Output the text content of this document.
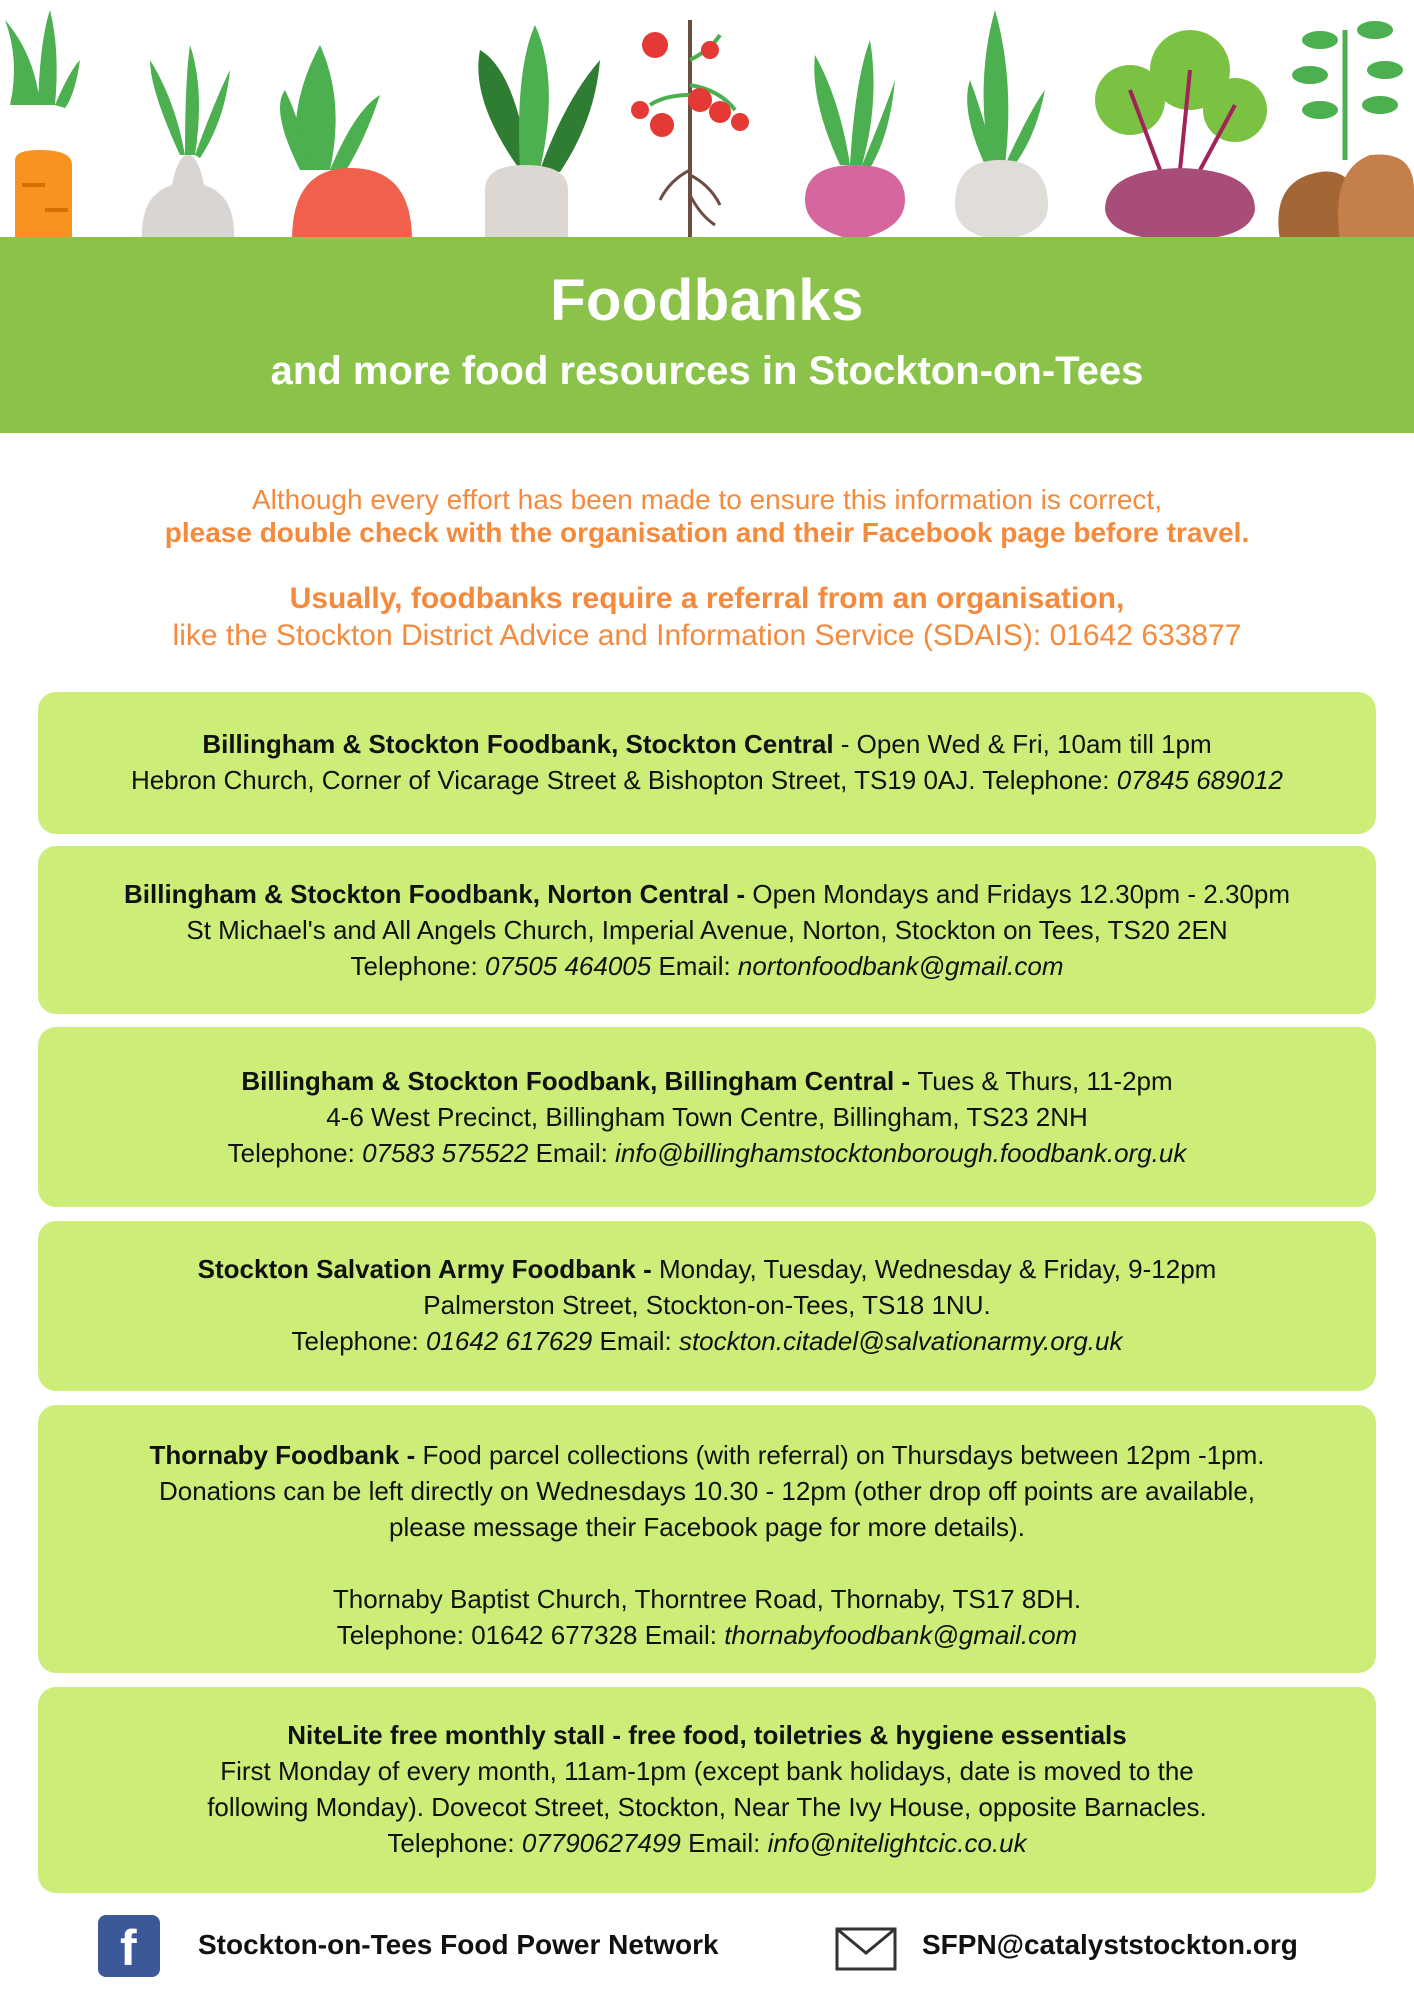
Foodbanks
and more food resources in Stockton-on-Tees
Although every effort has been made to ensure this information is correct,
please double check with the organisation and their Facebook page before travel.
Usually, foodbanks require a referral from an organisation,
like the Stockton District Advice and Information Service (SDAIS): 01642 633877
Billingham & Stockton Foodbank, Stockton Central - Open Wed & Fri, 10am till 1pm
Hebron Church, Corner of Vicarage Street & Bishopton Street, TS19 0AJ. Telephone: 07845 689012
Billingham & Stockton Foodbank, Norton Central - Open Mondays and Fridays 12.30pm - 2.30pm
St Michael's and All Angels Church, Imperial Avenue, Norton, Stockton on Tees, TS20 2EN
Telephone: 07505 464005 Email: nortonfoodbank@gmail.com
Billingham & Stockton Foodbank, Billingham Central - Tues & Thurs, 11-2pm
4-6 West Precinct, Billingham Town Centre, Billingham, TS23 2NH
Telephone: 07583 575522 Email: info@billinghamstocktonborough.foodbank.org.uk
Stockton Salvation Army Foodbank - Monday, Tuesday, Wednesday & Friday, 9-12pm
Palmerston Street, Stockton-on-Tees, TS18 1NU.
Telephone: 01642 617629 Email: stockton.citadel@salvationarmy.org.uk
Thornaby Foodbank - Food parcel collections (with referral) on Thursdays between 12pm -1pm.
Donations can be left directly on Wednesdays 10.30 - 12pm (other drop off points are available,
please message their Facebook page for more details).
Thornaby Baptist Church, Thorntree Road, Thornaby, TS17 8DH.
Telephone: 01642 677328 Email: thornabyfoodbank@gmail.com
NiteLite free monthly stall - free food, toiletries & hygiene essentials
First Monday of every month, 11am-1pm (except bank holidays, date is moved to the
following Monday). Dovecot Street, Stockton, Near The Ivy House, opposite Barnacles.
Telephone: 07790627499 Email: info@nitelightcic.co.uk
f Stockton-on-Tees Food Power Network	SFPN@catalyststockton.org
